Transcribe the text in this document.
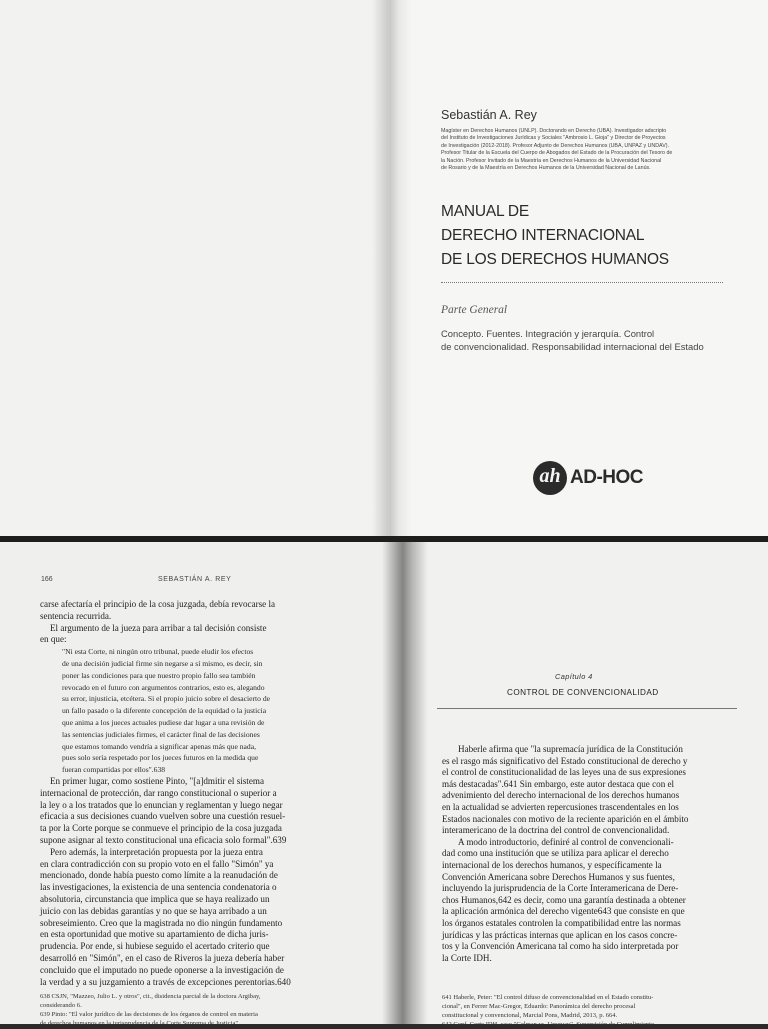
Sebastián A. Rey
Magíster en Derechos Humanos (UNLP). Doctorando en Derecho (UBA). Investigador adscripto
del Instituto de Investigaciones Jurídicas y Sociales "Ambrosio L. Gioja" y Director de Proyectos
de Investigación (2012-2018). Profesor Adjunto de Derechos Humanos (UBA, UNPAZ y UNDAV).
Profesor Titular de la Escuela del Cuerpo de Abogados del Estado de la Procuración del Tesoro de
la Nación. Profesor Invitado de la Maestría en Derechos Humanos de la Universidad Nacional
de Rosario y de la Maestría en Derechos Humanos de la Universidad Nacional de Lanús.
MANUAL DE
DERECHO INTERNACIONAL
DE LOS DERECHOS HUMANOS
Parte General
Concepto. Fuentes. Integración y jerarquía. Control
de convencionalidad. Responsabilidad internacional del Estado
ah AD-HOC
166	SEBASTIÁN A. REY
carse afectaría el principio de la cosa juzgada, debía revocarse la
sentencia recurrida.
El argumento de la jueza para arribar a tal decisión consiste
en que:
"Ni esta Corte, ni ningún otro tribunal, puede eludir los efectos
de una decisión judicial firme sin negarse a sí mismo, es decir, sin
poner las condiciones para que nuestro propio fallo sea también
revocado en el futuro con argumentos contrarios, esto es, alegando
su error, injusticia, etcétera. Si el propio juicio sobre el desacierto de
un fallo pasado o la diferente concepción de la equidad o la justicia
que anima a los jueces actuales pudiese dar lugar a una revisión de
las sentencias judiciales firmes, el carácter final de las decisiones
que estamos tomando vendría a significar apenas más que nada,
pues solo sería respetado por los jueces futuros en la medida que
fueran compartidas por ellos".638
En primer lugar, como sostiene Pinto, "[a]dmitir el sistema
internacional de protección, dar rango constitucional o superior a
la ley o a los tratados que lo enuncian y reglamentan y luego negar
eficacia a sus decisiones cuando vuelven sobre una cuestión resuel-
ta por la Corte porque se conmueve el principio de la cosa juzgada
supone asignar al texto constitucional una eficacia solo formal".639
Pero además, la interpretación propuesta por la jueza entra
en clara contradicción con su propio voto en el fallo "Simón" ya
mencionado, donde había puesto como límite a la reanudación de
las investigaciones, la existencia de una sentencia condenatoria o
absolutoria, circunstancia que implica que se haya realizado un
juicio con las debidas garantías y no que se haya arribado a un
sobreseimiento. Creo que la magistrada no dio ningún fundamento
en esta oportunidad que motive su apartamiento de dicha juris-
prudencia. Por ende, si hubiese seguido el acertado criterio que
desarrolló en "Simón", en el caso de Riveros la jueza debería haber
concluido que el imputado no puede oponerse a la investigación de
la verdad y a su juzgamiento a través de excepciones perentorias.640
638 CSJN, "Mazzeo, Julio L. y otros", cit., disidencia parcial de la doctora Argibay,
considerando 6.
639 Pinto: "El valor jurídico de las decisiones de los órganos de control en materia
de derechos humanos en la jurisprudencia de la Corte Suprema de Justicia",
Capítulo 4
CONTROL DE CONVENCIONALIDAD
Haberle afirma que "la supremacía jurídica de la Constitución
es el rasgo más significativo del Estado constitucional de derecho y
el control de constitucionalidad de las leyes una de sus expresiones
más destacadas".641 Sin embargo, este autor destaca que con el
advenimiento del derecho internacional de los derechos humanos
en la actualidad se advierten repercusiones trascendentales en los
Estados nacionales con motivo de la reciente aparición en el ámbito
interamericano de la doctrina del control de convencionalidad.
A modo introductorio, definiré al control de convencionali-
dad como una institución que se utiliza para aplicar el derecho
internacional de los derechos humanos, y específicamente la
Convención Americana sobre Derechos Humanos y sus fuentes,
incluyendo la jurisprudencia de la Corte Interamericana de Dere-
chos Humanos,642 es decir, como una garantía destinada a obtener
la aplicación armónica del derecho vigente643 que consiste en que
los órganos estatales controlen la compatibilidad entre las normas
jurídicas y las prácticas internas que aplican en los casos concre-
tos y la Convención Americana tal como ha sido interpretada por
la Corte IDH.
641 Haberle, Peter: "El control difuso de convencionalidad en el Estado constitu-
cional", en Ferrer Mac-Gregor, Eduardo: Panorámica del derecho procesal
constitucional y convencional, Marcial Pons, Madrid, 2013, p. 664.
642 Conf. Corte IDH, caso "Gelman vs. Uruguay". Supervisión de Cumplimiento
